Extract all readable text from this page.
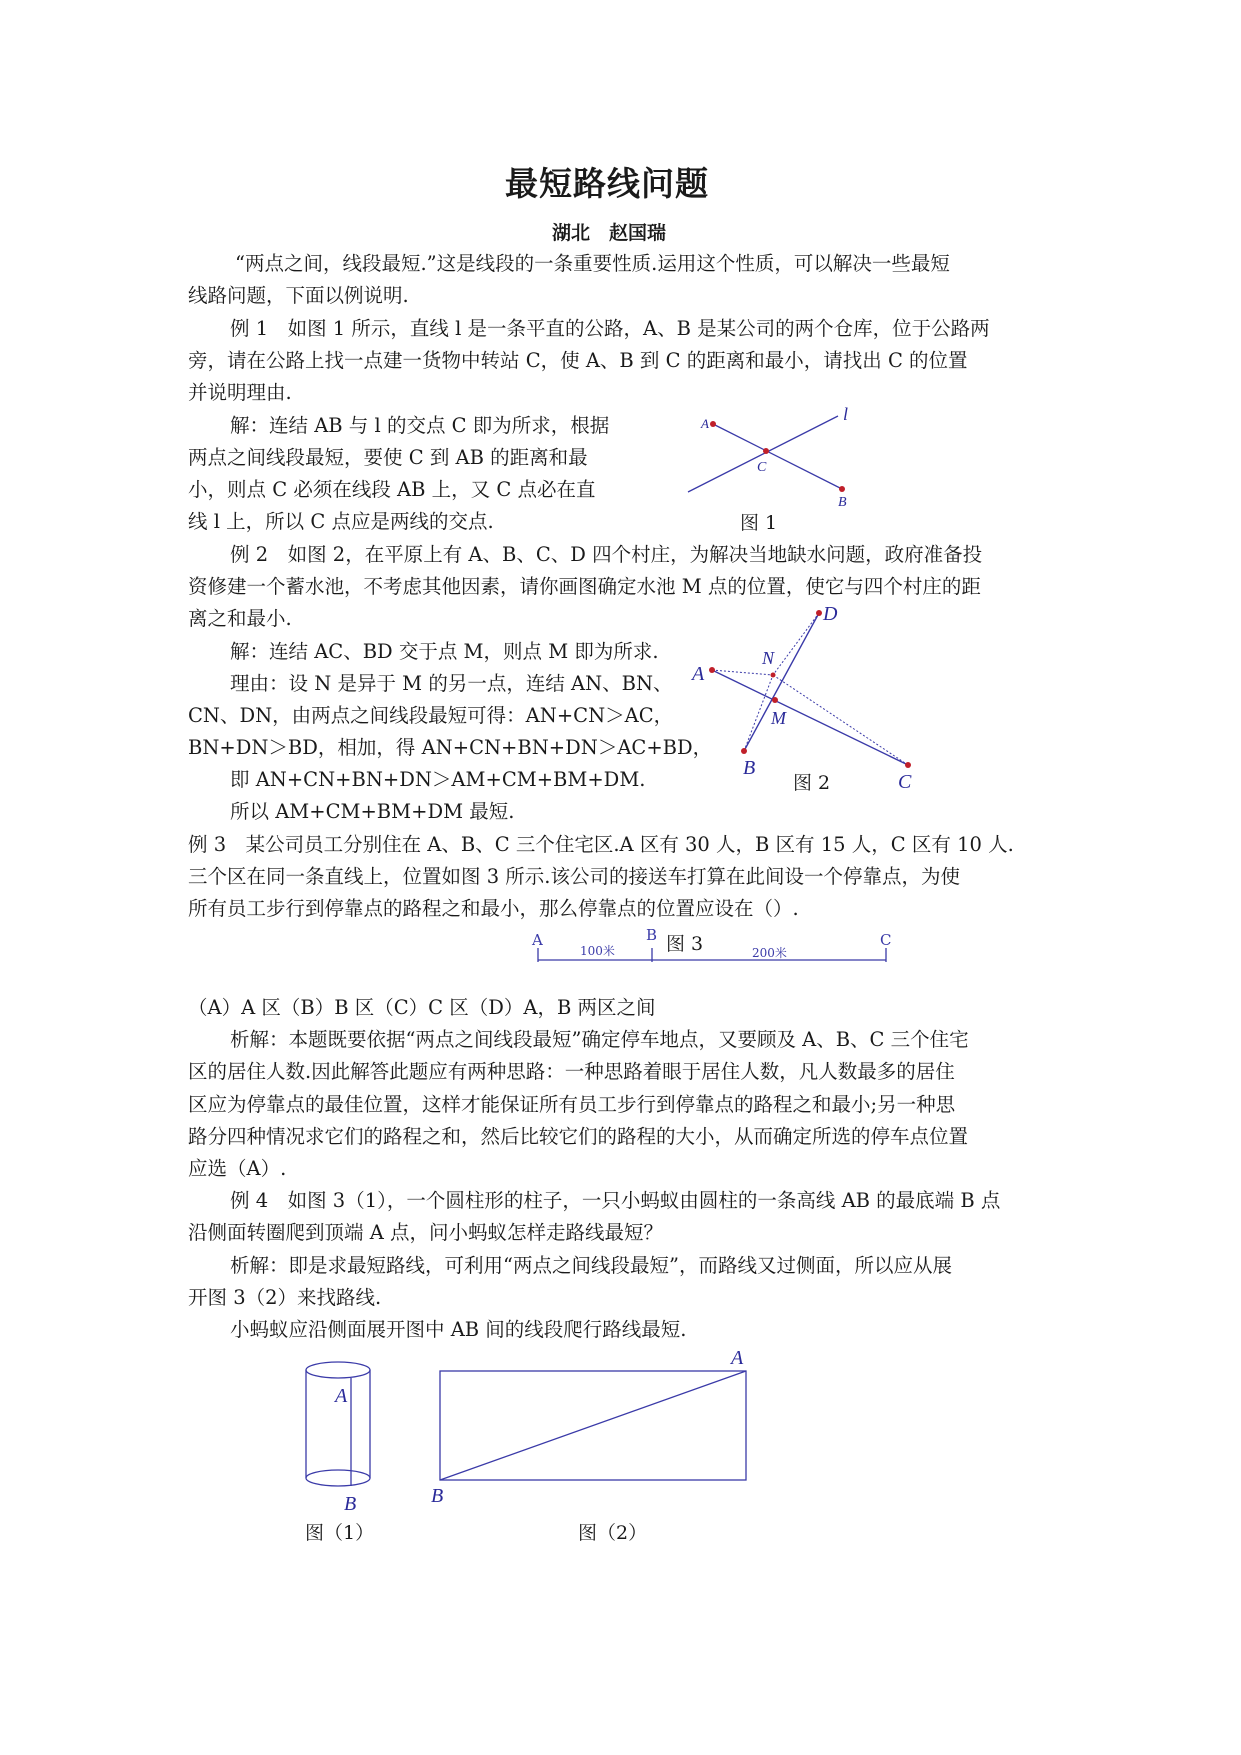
最短路线问题
湖北　赵国瑞
“两点之间，线段最短.”这是线段的一条重要性质.运用这个性质，可以解决一些最短
线路问题，下面以例说明.
例 1　如图 1 所示，直线 l 是一条平直的公路，A、B 是某公司的两个仓库，位于公路两
旁，请在公路上找一点建一货物中转站 C，使 A、B 到 C 的距离和最小，请找出 C 的位置
并说明理由.
解：连结 AB 与 l 的交点 C 即为所求，根据
两点之间线段最短，要使 C 到 AB 的距离和最
小，则点 C 必须在线段 AB 上，又 C 点必在直
线 l 上，所以 C 点应是两线的交点.
A
C
B
l
图 1
例 2　如图 2，在平原上有 A、B、C、D 四个村庄，为解决当地缺水问题，政府准备投
资修建一个蓄水池，不考虑其他因素，请你画图确定水池 M 点的位置，使它与四个村庄的距
离之和最小.
解：连结 AC、BD 交于点 M，则点 M 即为所求.
理由：设 N 是异于 M 的另一点，连结 AN、BN、
CN、DN，由两点之间线段最短可得：AN+CN＞AC，
BN+DN＞BD，相加，得 AN+CN+BN+DN＞AC+BD，
即 AN+CN+BN+DN＞AM+CM+BM+DM.
所以 AM+CM+BM+DM 最短.
D
N
A
M
B
C
图 2
例 3　某公司员工分别住在 A、B、C 三个住宅区.A 区有 30 人，B 区有 15 人，C 区有 10 人.
三个区在同一条直线上，位置如图 3 所示.该公司的接送车打算在此间设一个停靠点，为使
所有员工步行到停靠点的路程之和最小，那么停靠点的位置应设在（）.
A	B	C
100米	200米
图 3
（A）A 区（B）B 区（C）C 区（D）A，B 两区之间
析解：本题既要依据“两点之间线段最短”确定停车地点，又要顾及 A、B、C 三个住宅
区的居住人数.因此解答此题应有两种思路：一种思路着眼于居住人数，凡人数最多的居住
区应为停靠点的最佳位置，这样才能保证所有员工步行到停靠点的路程之和最小;另一种思
路分四种情况求它们的路程之和，然后比较它们的路程的大小，从而确定所选的停车点位置
应选（A）.
例 4　如图 3（1），一个圆柱形的柱子，一只小蚂蚁由圆柱的一条高线 AB 的最底端 B 点
沿侧面转圈爬到顶端 A 点，问小蚂蚁怎样走路线最短？
析解：即是求最短路线，可利用“两点之间线段最短”，而路线又过侧面，所以应从展
开图 3（2）来找路线.
小蚂蚁应沿侧面展开图中 AB 间的线段爬行路线最短.
A
B
图（1）
A
B
图（2）
